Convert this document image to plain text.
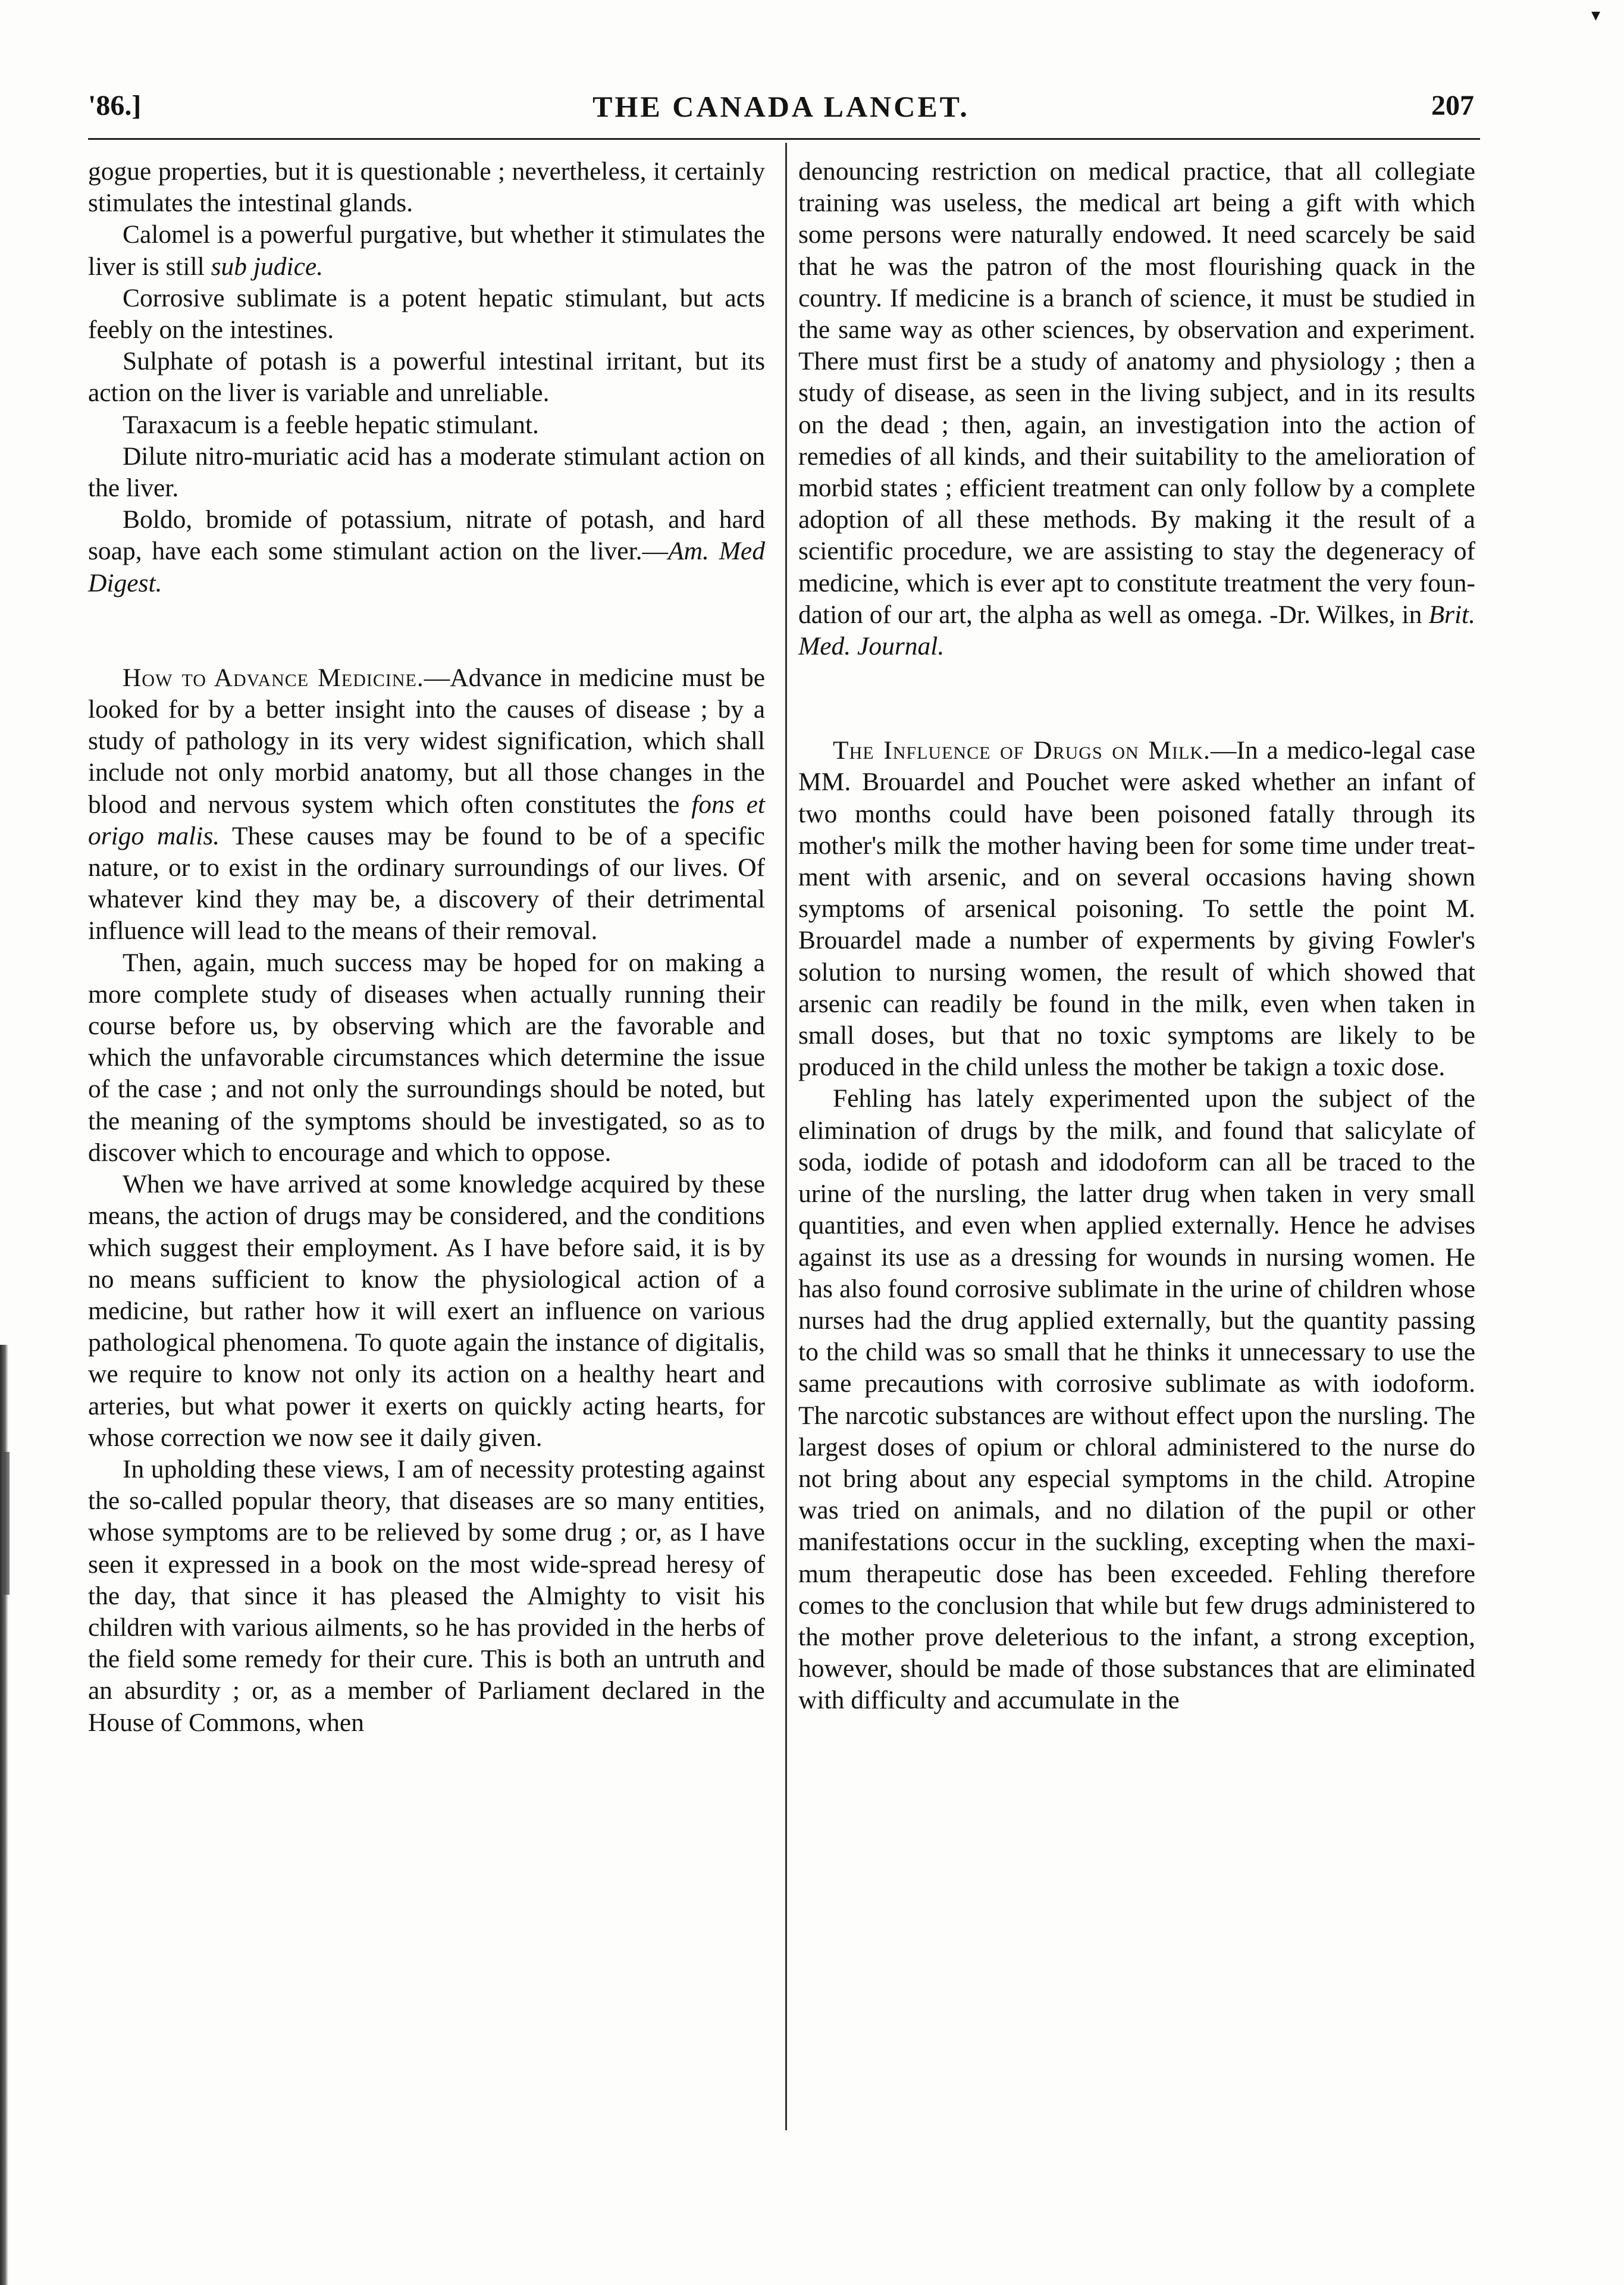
'86.]	THE CANADA LANCET.	207
▾

gogue properties, but it is questionable ; nevertheless, it certainly stimulates the intestinal glands.

Calomel is a powerful purgative, but whether it stimulates the liver is still sub judice.

Corrosive sublimate is a potent hepatic stimulant, but acts feebly on the intestines.

Sulphate of potash is a powerful intestinal irritant, but its action on the liver is variable and unreliable.

Taraxacum is a feeble hepatic stimulant.

Dilute nitro-muriatic acid has a moderate stimulant action on the liver.

Boldo, bromide of potassium, nitrate of potash, and hard soap, have each some stimulant action on the liver.—Am. Med Digest.

How to Advance Medicine.—Advance in medicine must be looked for by a better insight into the causes of disease ; by a study of pathology in its very widest signification, which shall include not only morbid anatomy, but all those changes in the blood and nervous system which often constitutes the fons et origo malis. These causes may be found to be of a specific nature, or to exist in the ordinary surroundings of our lives. Of whatever kind they may be, a discovery of their detrimental influence will lead to the means of their removal.

Then, again, much success may be hoped for on making a more complete study of diseases when actually running their course before us, by observing which are the favorable and which the unfavorable circumstances which determine the issue of the case ; and not only the surroundings should be noted, but the meaning of the symptoms should be investigated, so as to discover which to encourage and which to oppose.

When we have arrived at some knowledge acquired by these means, the action of drugs may be considered, and the conditions which suggest their employment. As I have before said, it is by no means sufficient to know the physiological action of a medicine, but rather how it will exert an influence on various pathological phenomena. To quote again the instance of digitalis, we require to know not only its action on a healthy heart and arteries, but what power it exerts on quickly acting hearts, for whose correction we now see it daily given.

In upholding these views, I am of necessity protesting against the so-called popular theory, that diseases are so many entities, whose symptoms are to be relieved by some drug ; or, as I have seen it expressed in a book on the most wide-spread heresy of the day, that since it has pleased the Almighty to visit his children with various ailments, so he has provided in the herbs of the field some remedy for their cure. This is both an untruth and an absurdity ; or, as a member of Parliament declared in the House of Commons, when

denouncing restriction on medical practice, that all collegiate training was useless, the medical art being a gift with which some persons were naturally endowed. It need scarcely be said that he was the patron of the most flourishing quack in the country. If medicine is a branch of science, it must be studied in the same way as other sciences, by observation and experiment. There must first be a study of anatomy and physiology ; then a study of disease, as seen in the living subject, and in its results on the dead ; then, again, an investigation into the action of remedies of all kinds, and their suitability to the amelioration of morbid states ; efficient treatment can only follow by a complete adoption of all these methods. By making it the result of a scientific procedure, we are assisting to stay the degeneracy of medicine, which is ever apt to constitute treatment the very foundation of our art, the alpha as well as omega. -Dr. Wilkes, in Brit. Med. Journal.

The Influence of Drugs on Milk.—In a medico-legal case MM. Brouardel and Pouchet were asked whether an infant of two months could have been poisoned fatally through its mother's milk the mother having been for some time under treatment with arsenic, and on several occasions having shown symptoms of arsenical poisoning. To settle the point M. Brouardel made a number of experments by giving Fowler's solution to nursing women, the result of which showed that arsenic can readily be found in the milk, even when taken in small doses, but that no toxic symptoms are likely to be produced in the child unless the mother be takign a toxic dose.

Fehling has lately experimented upon the subject of the elimination of drugs by the milk, and found that salicylate of soda, iodide of potash and idodoform can all be traced to the urine of the nursling, the latter drug when taken in very small quantities, and even when applied externally. Hence he advises against its use as a dressing for wounds in nursing women. He has also found corrosive sublimate in the urine of children whose nurses had the drug applied externally, but the quantity passing to the child was so small that he thinks it unnecessary to use the same precautions with corrosive sublimate as with iodoform. The narcotic substances are without effect upon the nursling. The largest doses of opium or chloral administered to the nurse do not bring about any especial symptoms in the child. Atropine was tried on animals, and no dilation of the pupil or other manifestations occur in the suckling, excepting when the maximum therapeutic dose has been exceeded. Fehling therefore comes to the conclusion that while but few drugs administered to the mother prove deleterious to the infant, a strong exception, however, should be made of those substances that are eliminated with difficulty and accumulate in the
